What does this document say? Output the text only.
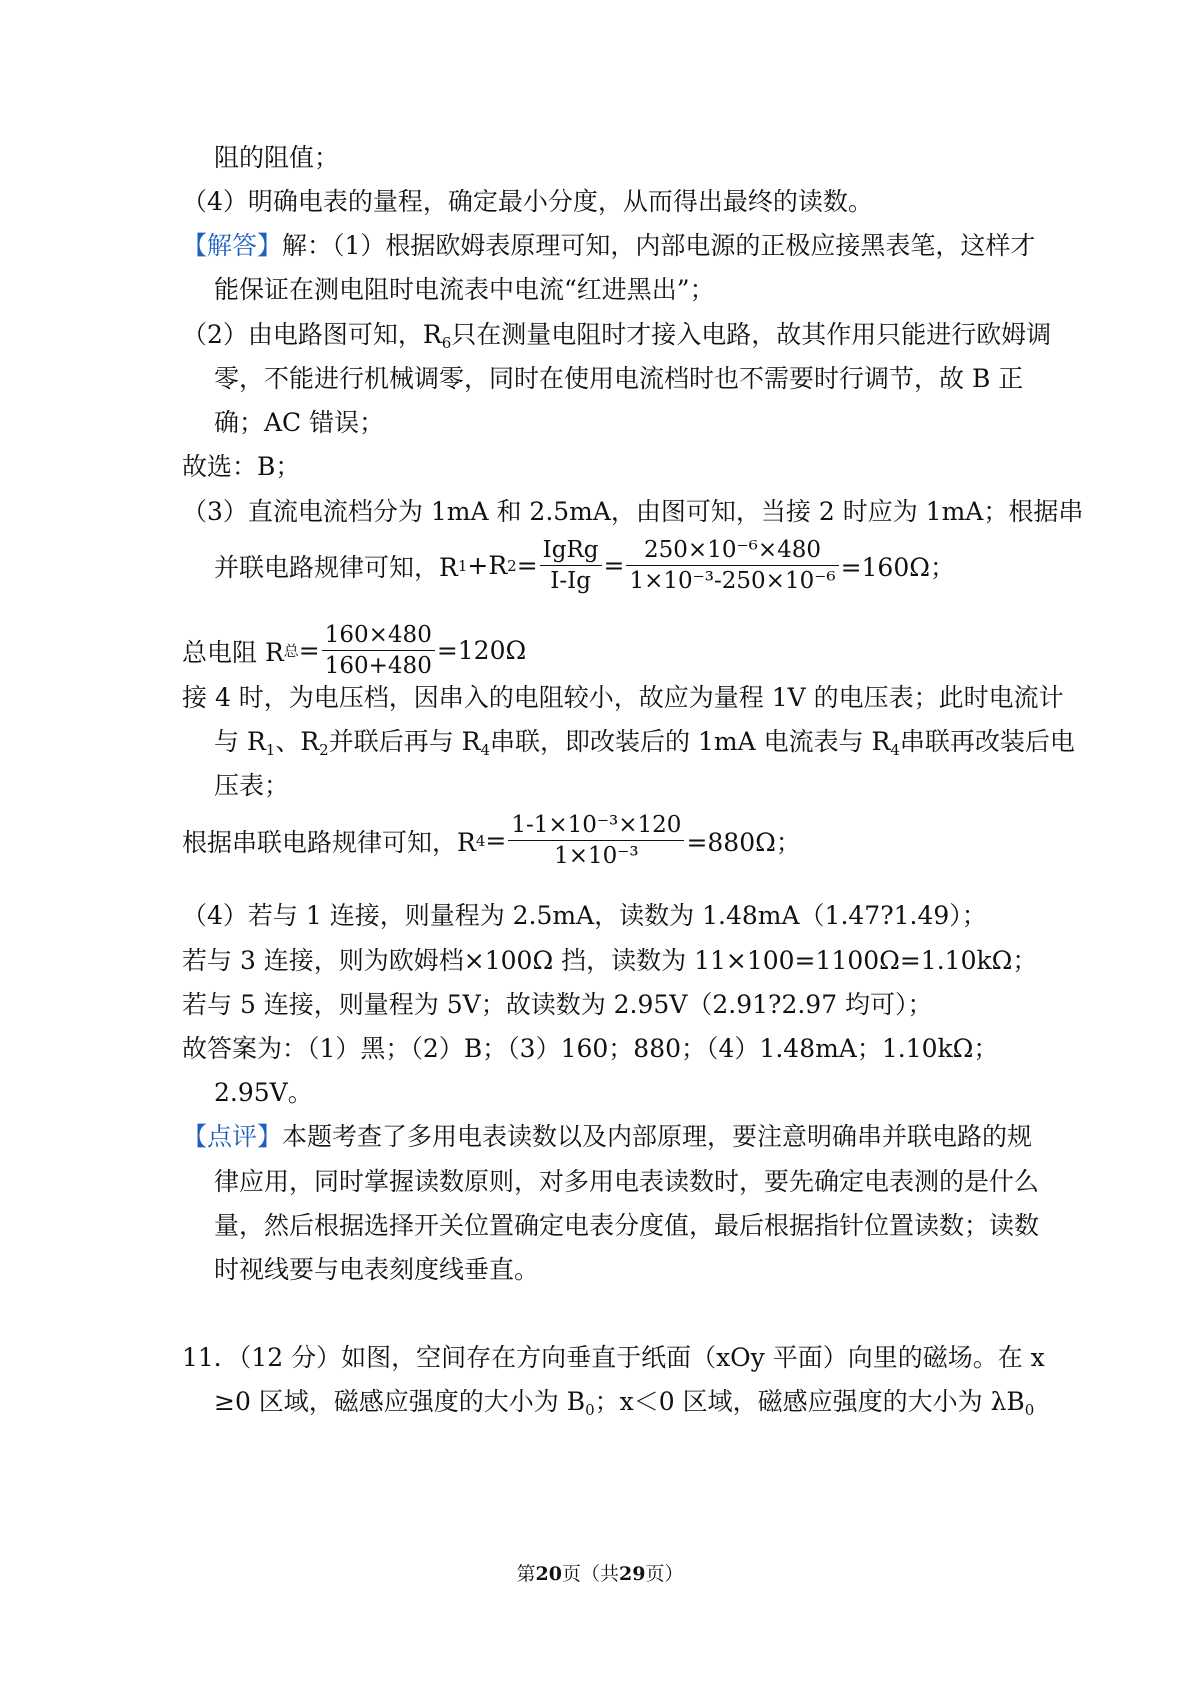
阻的阻值；
（4）明确电表的量程，确定最小分度，从而得出最终的读数。
【解答】解：（1）根据欧姆表原理可知，内部电源的正极应接黑表笔，这样才
能保证在测电阻时电流表中电流“红进黑出”；
（2）由电路图可知，$R_6$只在测量电阻时才接入电路，故其作用只能进行欧姆调
零，不能进行机械调零，同时在使用电流档时也不需要时行调节，故 B 正
确；AC 错误；
故选：B；
（3）直流电流档分为 1mA 和 2.5mA，由图可知，当接 2 时应为 1mA；根据串
并联电路规律可知，R 1 +R $2 = \frac{\text{IgRg}}{I-Ig} = \frac{\text{250×10⁻⁶×480}}{\text{1×10⁻³-250×10⁻⁶}} =160\Omega$；
总电阻 R 总 = $\frac{160\times 480}{160+480} =120\Omega$
接 4 时，为电压档，因串入的电阻较小，故应为量程 1V 的电压表；此时电流计
与 $R_1$、$R_2$并联后再与 $R_4$串联，即改装后的 1mA 电流表与 $R_4$串联再改装后电
压表；
根据串联电路规律可知，R $4 = \frac{\text{1-1×10⁻³×120}}{\text{1×10⁻³}} =880\Omega$；
（4）若与 1 连接，则量程为 2.5mA，读数为 1.48mA（1.47?1.49）；
若与 3 连接，则为欧姆档×100Ω 挡，读数为 11×100=1100Ω=1.10kΩ；
若与 5 连接，则量程为 5V；故读数为 2.95V（2.91?2.97 均可）；
故答案为：（1）黑；（2）B；（3）160；880；（4）1.48mA；1.10kΩ；
2.95V。
【点评】本题考查了多用电表读数以及内部原理，要注意明确串并联电路的规
律应用，同时掌握读数原则，对多用电表读数时，要先确定电表测的是什么
量，然后根据选择开关位置确定电表分度值，最后根据指针位置读数；读数
时视线要与电表刻度线垂直。
11．（12 分）如图，空间存在方向垂直于纸面（xOy 平面）向里的磁场。在 x
≥0 区域，磁感应强度的大小为 $B_0$；x＜0 区域，磁感应强度的大小为 $\lambda B_0$
第20页（共29页）
